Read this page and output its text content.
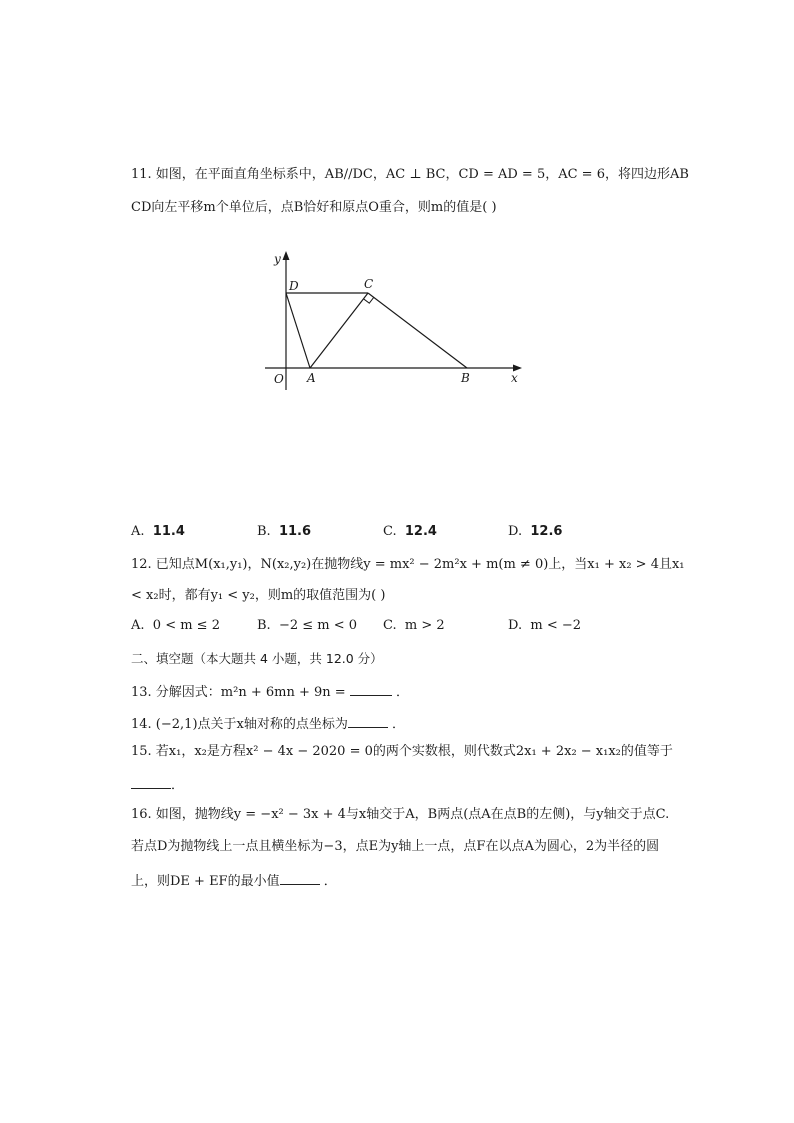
11. 如图，在平面直角坐标系中，AB//DC，AC ⊥ BC，CD = AD = 5，AC = 6，将四边形AB
CD向左平移m个单位后，点B恰好和原点O重合，则m的值是( )
y
D	C
O A	B	x
A. 11.4	B. 11.6	C. 12.4	D. 12.6
12. 已知点M(x₁,y₁)，N(x₂,y₂)在抛物线y = mx² − 2m²x + m(m ≠ 0)上，当x₁ + x₂ > 4且x₁
< x₂时，都有y₁ < y₂，则m的取值范围为( )
A. 0 < m ≤ 2	B. −2 ≤ m < 0 C. m > 2	D. m < −2
二、填空题（本大题共 4 小题，共 12.0 分）
13. 分解因式：m²n + 6mn + 9n =	．
14. (−2,1)点关于x轴对称的点坐标为	．
15. 若x₁，x₂是方程x² − 4x − 2020 = 0的两个实数根，则代数式2x₁ + 2x₂ − x₁x₂的值等于
．
16. 如图，抛物线y = −x² − 3x + 4与x轴交于A，B两点(点A在点B的左侧)，与y轴交于点C.
若点D为抛物线上一点且横坐标为−3，点E为y轴上一点，点F在以点A为圆心，2为半径的圆
上，则DE + EF的最小值	．
